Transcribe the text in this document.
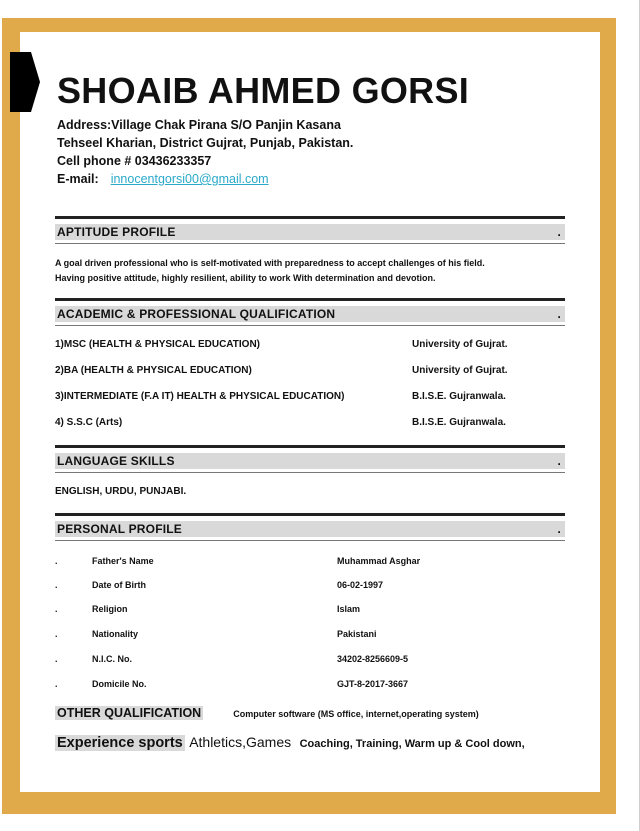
SHOAIB AHMED GORSI
Address:Village Chak Pirana S/O Panjin Kasana
Tehseel Kharian, District Gujrat, Punjab, Pakistan.
Cell phone # 03436233357
E-mail: innocentgorsi00@gmail.com
APTITUDE PROFILE	.
A goal driven professional who is self-motivated with preparedness to accept challenges of his field.
Having positive attitude, highly resilient, ability to work With determination and devotion.
ACADEMIC & PROFESSIONAL QUALIFICATION	.
1)MSC (HEALTH & PHYSICAL EDUCATION)	University of Gujrat.
2)BA (HEALTH & PHYSICAL EDUCATION)	University of Gujrat.
3)INTERMEDIATE (F.A IT) HEALTH & PHYSICAL EDUCATION)	B.I.S.E. Gujranwala.
4) S.S.C (Arts)	B.I.S.E. Gujranwala.
LANGUAGE SKILLS	.
ENGLISH, URDU, PUNJABI.
PERSONAL PROFILE	.
.	Father's Name	Muhammad Asghar
.	Date of Birth	06-02-1997
.	Religion	Islam
.	Nationality	Pakistani
.	N.I.C. No.	34202-8256609-5
.	Domicile No.	GJT-8-2017-3667
OTHER QUALIFICATION	Computer software (MS office, internet,operating system)
Experience sports Athletics,Games Coaching, Training, Warm up & Cool down,
